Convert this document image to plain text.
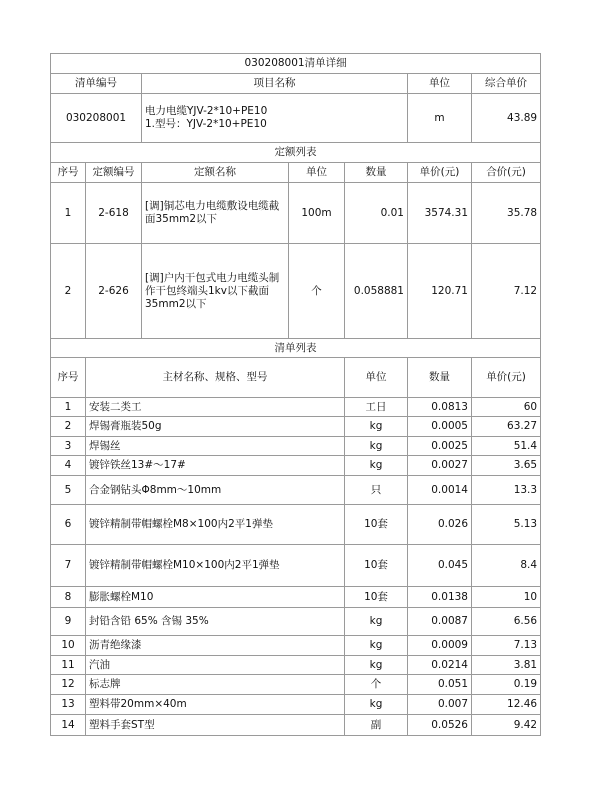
030208001清单详细							
清单编号		项目名称			单位	综合单价	
030208001		电力电缆YJV-2*10+PE10
1.型号：YJV-2*10+PE10			m	43.89	
定额列表							
序号	定额编号	定额名称	单位	数量	单价(元)	合价(元)	
1	2-618	[调]铜芯电力电缆敷设电缆截面35mm2以下	100m	0.01	3574.31	35.78	
2	2-626	[调]户内干包式电力电缆头制作干包终端头1kv以下截面35mm2以下	个	0.058881	120.71	7.12	
清单列表							
序号	主材名称、规格、型号			单位	数量	单价(元)	
1	安装二类工			工日	0.0813	60	
2	焊锡膏瓶装50g			kg	0.0005	63.27	
3	焊锡丝			kg	0.0025	51.4	
4	镀锌铁丝13#～17#			kg	0.0027	3.65	
5	合金钢钻头Φ8mm～10mm			只	0.0014	13.3	
6	镀锌精制带帽螺栓M8×100内2平1弹垫			10套	0.026	5.13	
7	镀锌精制带帽螺栓M10×100内2平1弹垫			10套	0.045	8.4	
8	膨胀螺栓M10			10套	0.0138	10	
9	封铅含铅 65% 含锡 35%			kg	0.0087	6.56	
10	沥青绝缘漆			kg	0.0009	7.13	
11	汽油			kg	0.0214	3.81	
12	标志牌			个	0.051	0.19	
13	塑料带20mm×40m			kg	0.007	12.46	
14	塑料手套ST型			副	0.0526	9.42	
